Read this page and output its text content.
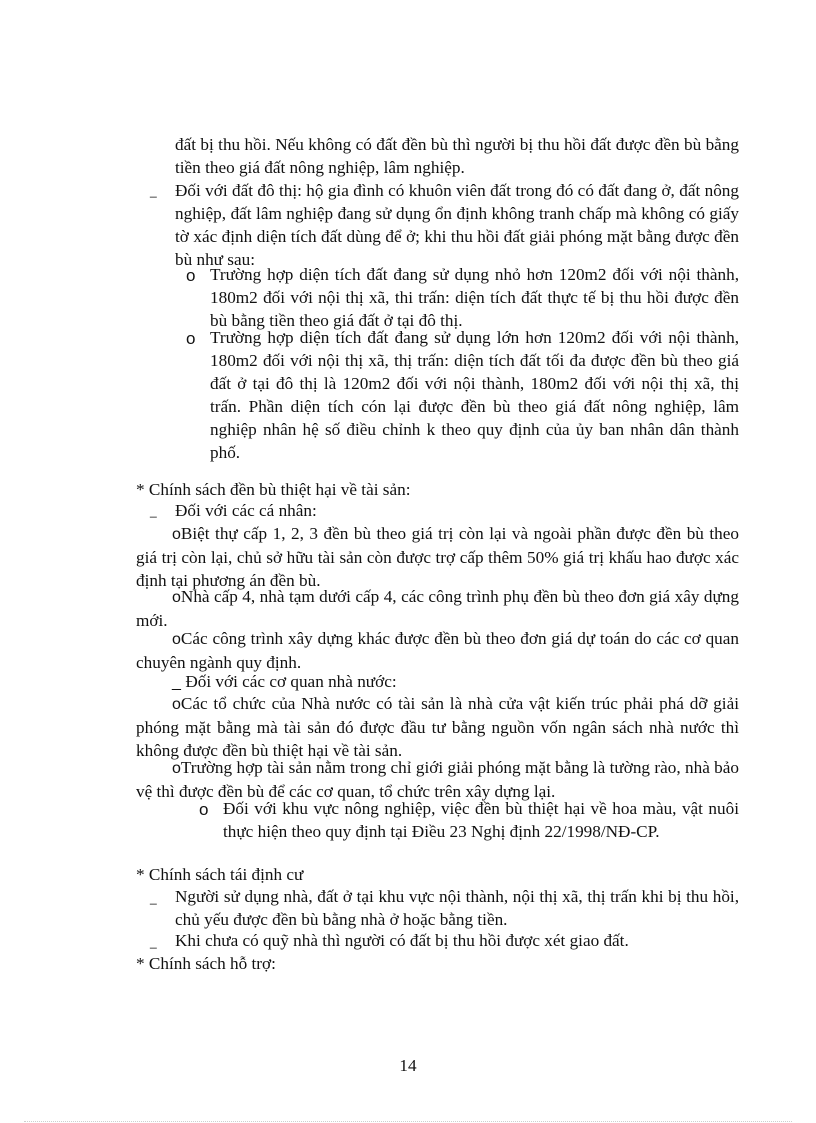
đất bị thu hồi. Nếu không có đất đền bù thì người bị thu hồi đất được đền bù bằng tiền theo giá đất nông nghiệp, lâm nghiệp.

_ Đối với đất đô thị: hộ gia đình có khuôn viên đất trong đó có đất đang ở, đất nông nghiệp, đất lâm nghiệp đang sử dụng ổn định không tranh chấp mà không có giấy tờ xác định diện tích đất dùng để ở; khi thu hồi đất giải phóng mặt bằng được đền bù như sau:

o Trường hợp diện tích đất đang sử dụng nhỏ hơn 120m2 đối với nội thành, 180m2 đối với nội thị xã, thi trấn: diện tích đất thực tế bị thu hồi được đền bù bằng tiền theo giá đất ở tại đô thị.

o Trường hợp diện tích đất đang sử dụng lớn hơn 120m2 đối với nội thành, 180m2 đối với nội thị xã, thị trấn: diện tích đất tối đa được đền bù theo giá đất ở tại đô thị là 120m2 đối với nội thành, 180m2 đối với nội thị xã, thị trấn. Phần diện tích cón lại được đền bù theo giá đất nông nghiệp, lâm nghiệp nhân hệ số điều chỉnh k theo quy định của ủy ban nhân dân thành phố.

* Chính sách đền bù thiệt hại về tài sản:

_ Đối với các cá nhân:

oBiệt thự cấp 1, 2, 3 đền bù theo giá trị còn lại và ngoài phần được đền bù theo giá trị còn lại, chủ sở hữu tài sản còn được trợ cấp thêm 50% giá trị khấu hao được xác định tại phương án đền bù.

oNhà cấp 4, nhà tạm dưới cấp 4, các công trình phụ đền bù theo đơn giá xây dựng mới.

oCác công trình xây dựng khác được đền bù theo đơn giá dự toán do các cơ quan chuyên ngành quy định.

_ Đối với các cơ quan nhà nước:

oCác tổ chức của Nhà nước có tài sản là nhà cửa vật kiến trúc phải phá dỡ giải phóng mặt bằng mà tài sản đó được đầu tư bằng nguồn vốn ngân sách nhà nước thì không được đền bù thiệt hại về tài sản.

oTrường hợp tài sản nằm trong chỉ giới giải phóng mặt bằng là tường rào, nhà bảo vệ thì được đền bù để các cơ quan, tổ chức trên xây dựng lại.

o Đối với khu vực nông nghiệp, việc đền bù thiệt hại về hoa màu, vật nuôi thực hiện theo quy định tại Điều 23 Nghị định 22/1998/NĐ-CP.

* Chính sách tái định cư

_ Người sử dụng nhà, đất ở tại khu vực nội thành, nội thị xã, thị trấn khi bị thu hồi, chủ yếu được đền bù bằng nhà ở hoặc bằng tiền.

_ Khi chưa có quỹ nhà thì người có đất bị thu hồi được xét giao đất.

* Chính sách hỗ trợ:

14
